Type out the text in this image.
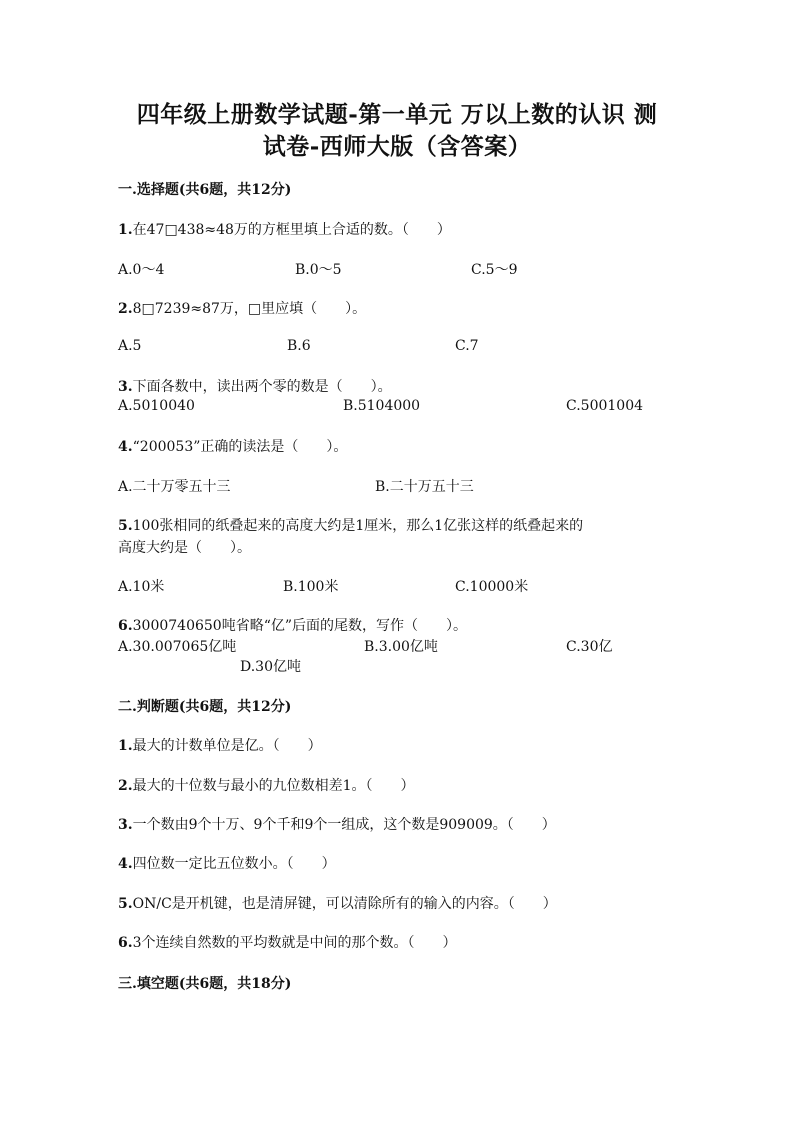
四年级上册数学试题-第一单元 万以上数的认识 测
试卷-西师大版（含答案）
一.选择题(共6题，共12分)
1.在47□438≈48万的方框里填上合适的数。（　　）
A.0～4	B.0～5	C.5～9
2.8□7239≈87万，□里应填（　　）。
A.5	B.6	C.7
3.下面各数中，读出两个零的数是（　　）。
A.5010040	B.5104000	C.5001004
4.“200053”正确的读法是（　　）。
A.二十万零五十三	B.二十万五十三
5.100张相同的纸叠起来的高度大约是1厘米，那么1亿张这样的纸叠起来的
高度大约是（　　）。
A.10米	B.100米	C.10000米
6.3000740650吨省略“亿”后面的尾数，写作（　　）。
A.30.007065亿吨	B.3.00亿吨	C.30亿
D.30亿吨
二.判断题(共6题，共12分)
1.最大的计数单位是亿。（　　）
2.最大的十位数与最小的九位数相差1。（　　）
3.一个数由9个十万、9个千和9个一组成，这个数是909009。（　　）
4.四位数一定比五位数小。（　　）
5.ON/C是开机键，也是清屏键，可以清除所有的输入的内容。（　　）
6.3个连续自然数的平均数就是中间的那个数。（　　）
三.填空题(共6题，共18分)
